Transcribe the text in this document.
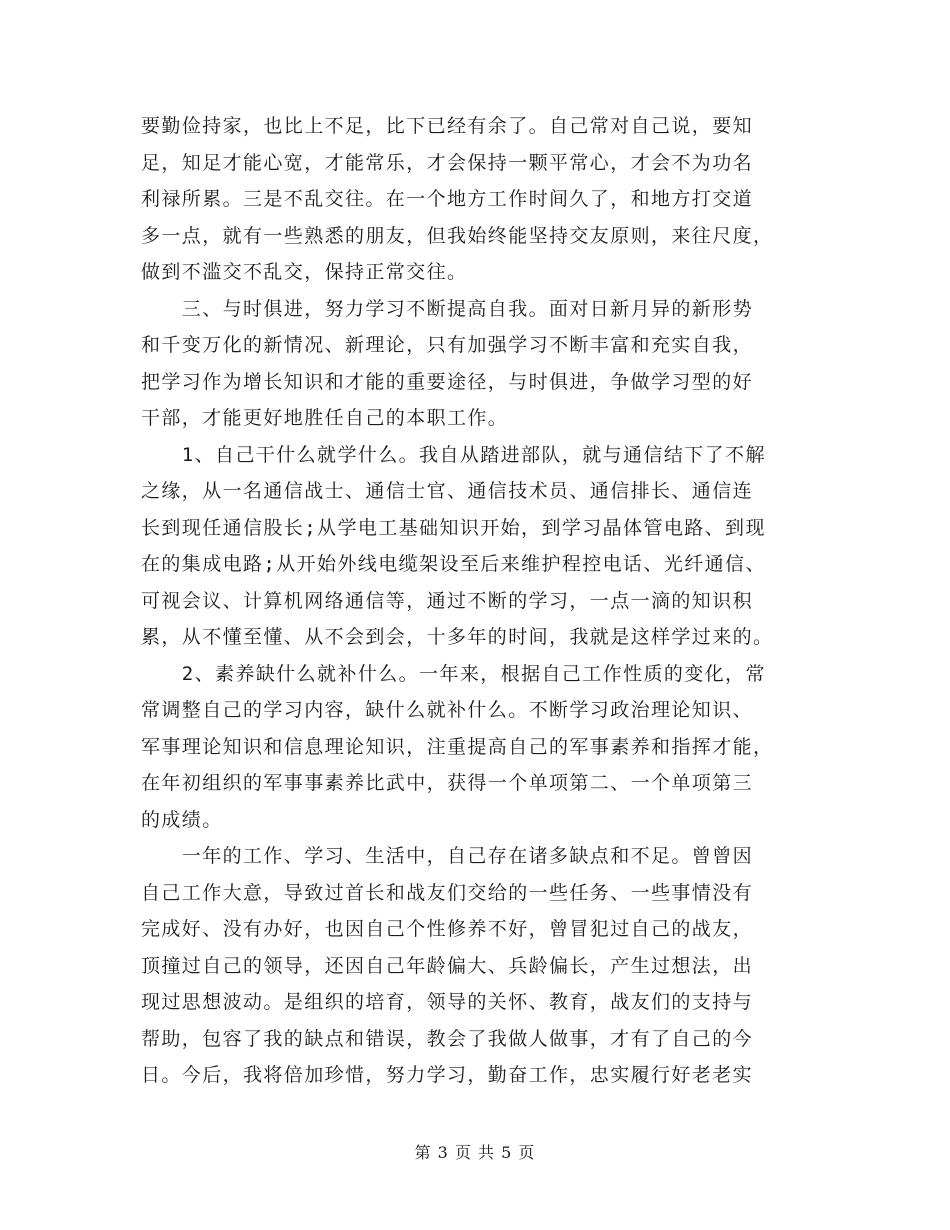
要勤俭持家，也比上不足，比下已经有余了。自己常对自己说，要知
足，知足才能心宽，才能常乐，才会保持一颗平常心，才会不为功名
利禄所累。三是不乱交往。在一个地方工作时间久了，和地方打交道
多一点，就有一些熟悉的朋友，但我始终能坚持交友原则，来往尺度，
做到不滥交不乱交，保持正常交往。
　　三、与时俱进，努力学习不断提高自我。面对日新月异的新形势
和千变万化的新情况、新理论，只有加强学习不断丰富和充实自我，
把学习作为增长知识和才能的重要途径，与时俱进，争做学习型的好
干部，才能更好地胜任自己的本职工作。
　　1、自己干什么就学什么。我自从踏进部队，就与通信结下了不解
之缘，从一名通信战士、通信士官、通信技术员、通信排长、通信连
长到现任通信股长;从学电工基础知识开始，到学习晶体管电路、到现
在的集成电路;从开始外线电缆架设至后来维护程控电话、光纤通信、
可视会议、计算机网络通信等，通过不断的学习，一点一滴的知识积
累，从不懂至懂、从不会到会，十多年的时间，我就是这样学过来的。
　　2、素养缺什么就补什么。一年来，根据自己工作性质的变化，常
常调整自己的学习内容，缺什么就补什么。不断学习政治理论知识、
军事理论知识和信息理论知识，注重提高自己的军事素养和指挥才能，
在年初组织的军事事素养比武中，获得一个单项第二、一个单项第三
的成绩。
　　一年的工作、学习、生活中，自己存在诸多缺点和不足。曾曾因
自己工作大意，导致过首长和战友们交给的一些任务、一些事情没有
完成好、没有办好，也因自己个性修养不好，曾冒犯过自己的战友，
顶撞过自己的领导，还因自己年龄偏大、兵龄偏长，产生过想法，出
现过思想波动。是组织的培育，领导的关怀、教育，战友们的支持与
帮助，包容了我的缺点和错误，教会了我做人做事，才有了自己的今
日。今后，我将倍加珍惜，努力学习，勤奋工作，忠实履行好老老实
第 3 页 共 5 页
